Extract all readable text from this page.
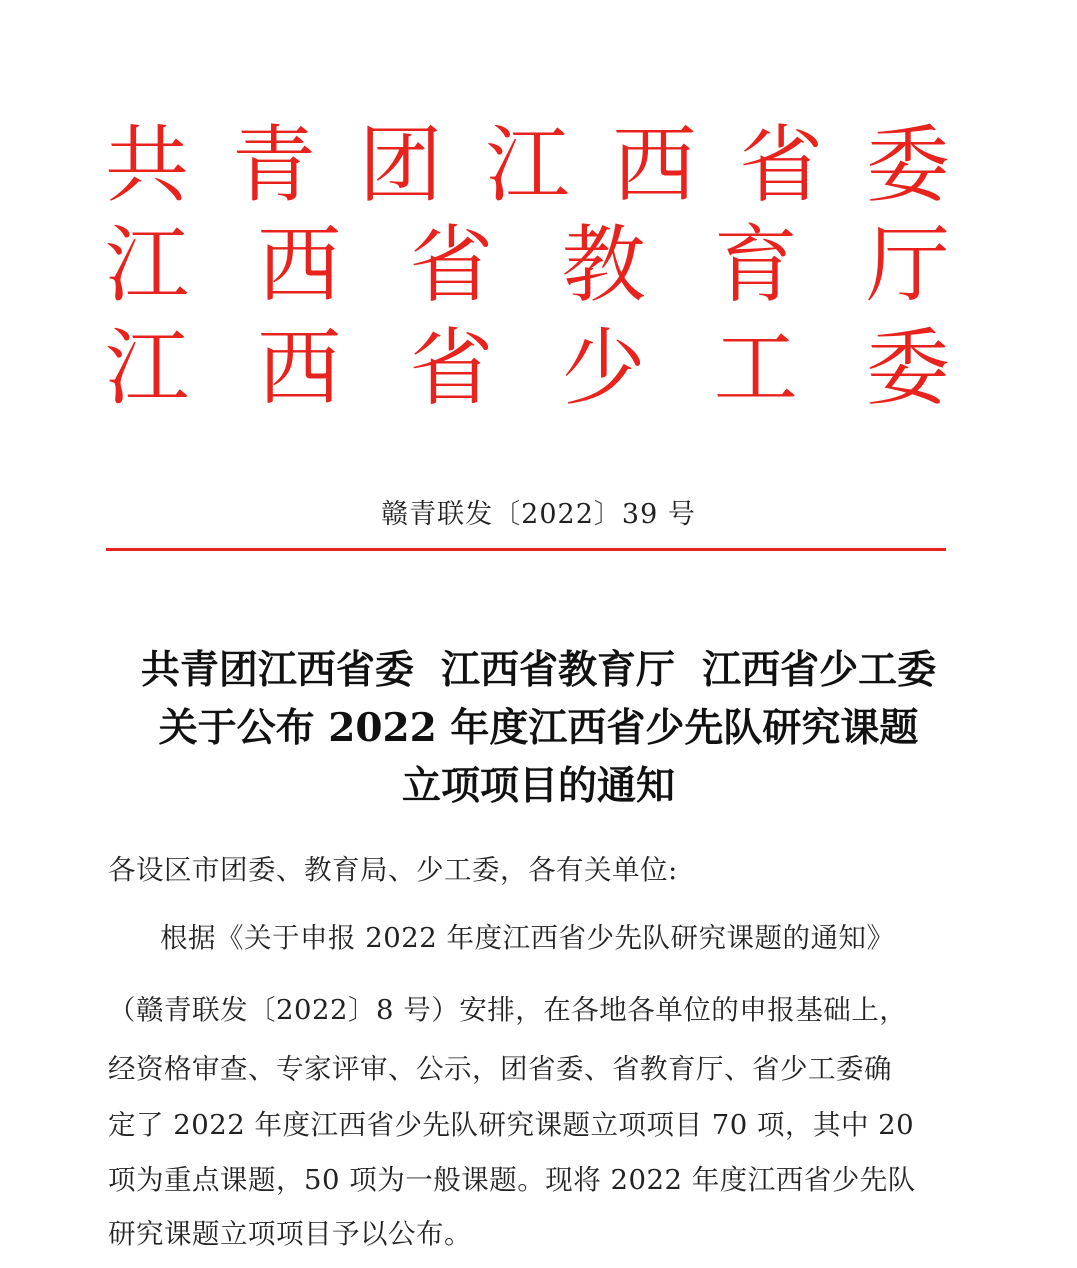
共 青 团 江 西 省 委
江 西 省 教 育 厅
江 西 省 少 工 委
赣青联发〔2022〕39 号
共青团江西省委  江西省教育厅  江西省少工委
关于公布 2022 年度江西省少先队研究课题
立项项目的通知
各设区市团委、教育局、少工委，各有关单位:
根据《关于申报 2022 年度江西省少先队研究课题的通知》
（赣青联发〔2022〕8 号）安排，在各地各单位的申报基础上，
经资格审查、专家评审、公示，团省委、省教育厅、省少工委确
定了 2022 年度江西省少先队研究课题立项项目 70 项，其中 20
项为重点课题，50 项为一般课题。现将 2022 年度江西省少先队
研究课题立项项目予以公布。
